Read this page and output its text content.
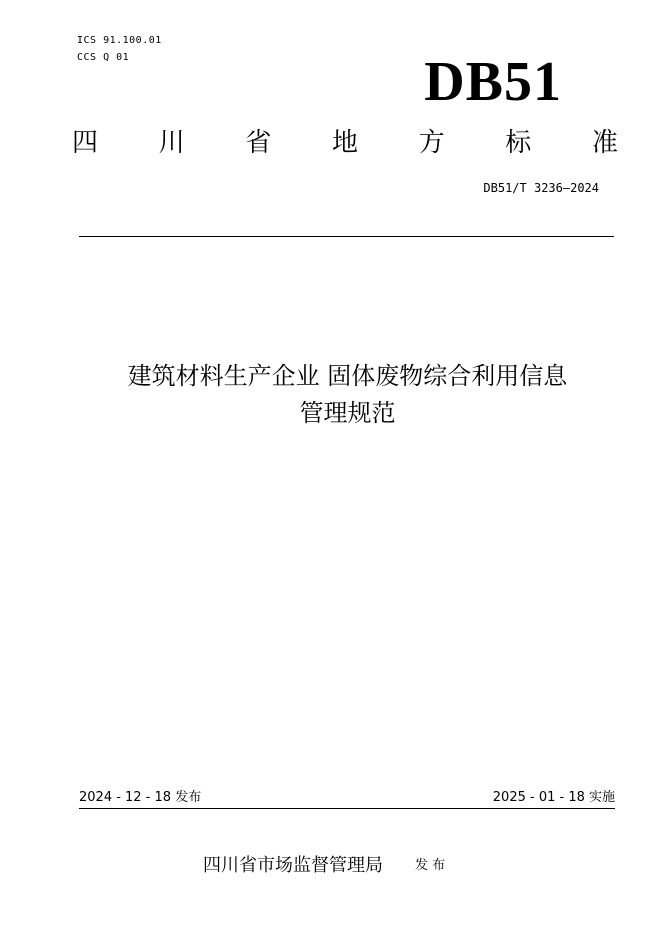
ICS 91.100.01
CCS Q 01	DB51
四 川 省 地 方 标 准
DB51/T 3236—2024
建筑材料生产企业 固体废物综合利用信息
管理规范
2024 - 12 - 18 发布	2025 - 01 - 18 实施
四川省市场监督管理局 发 布
